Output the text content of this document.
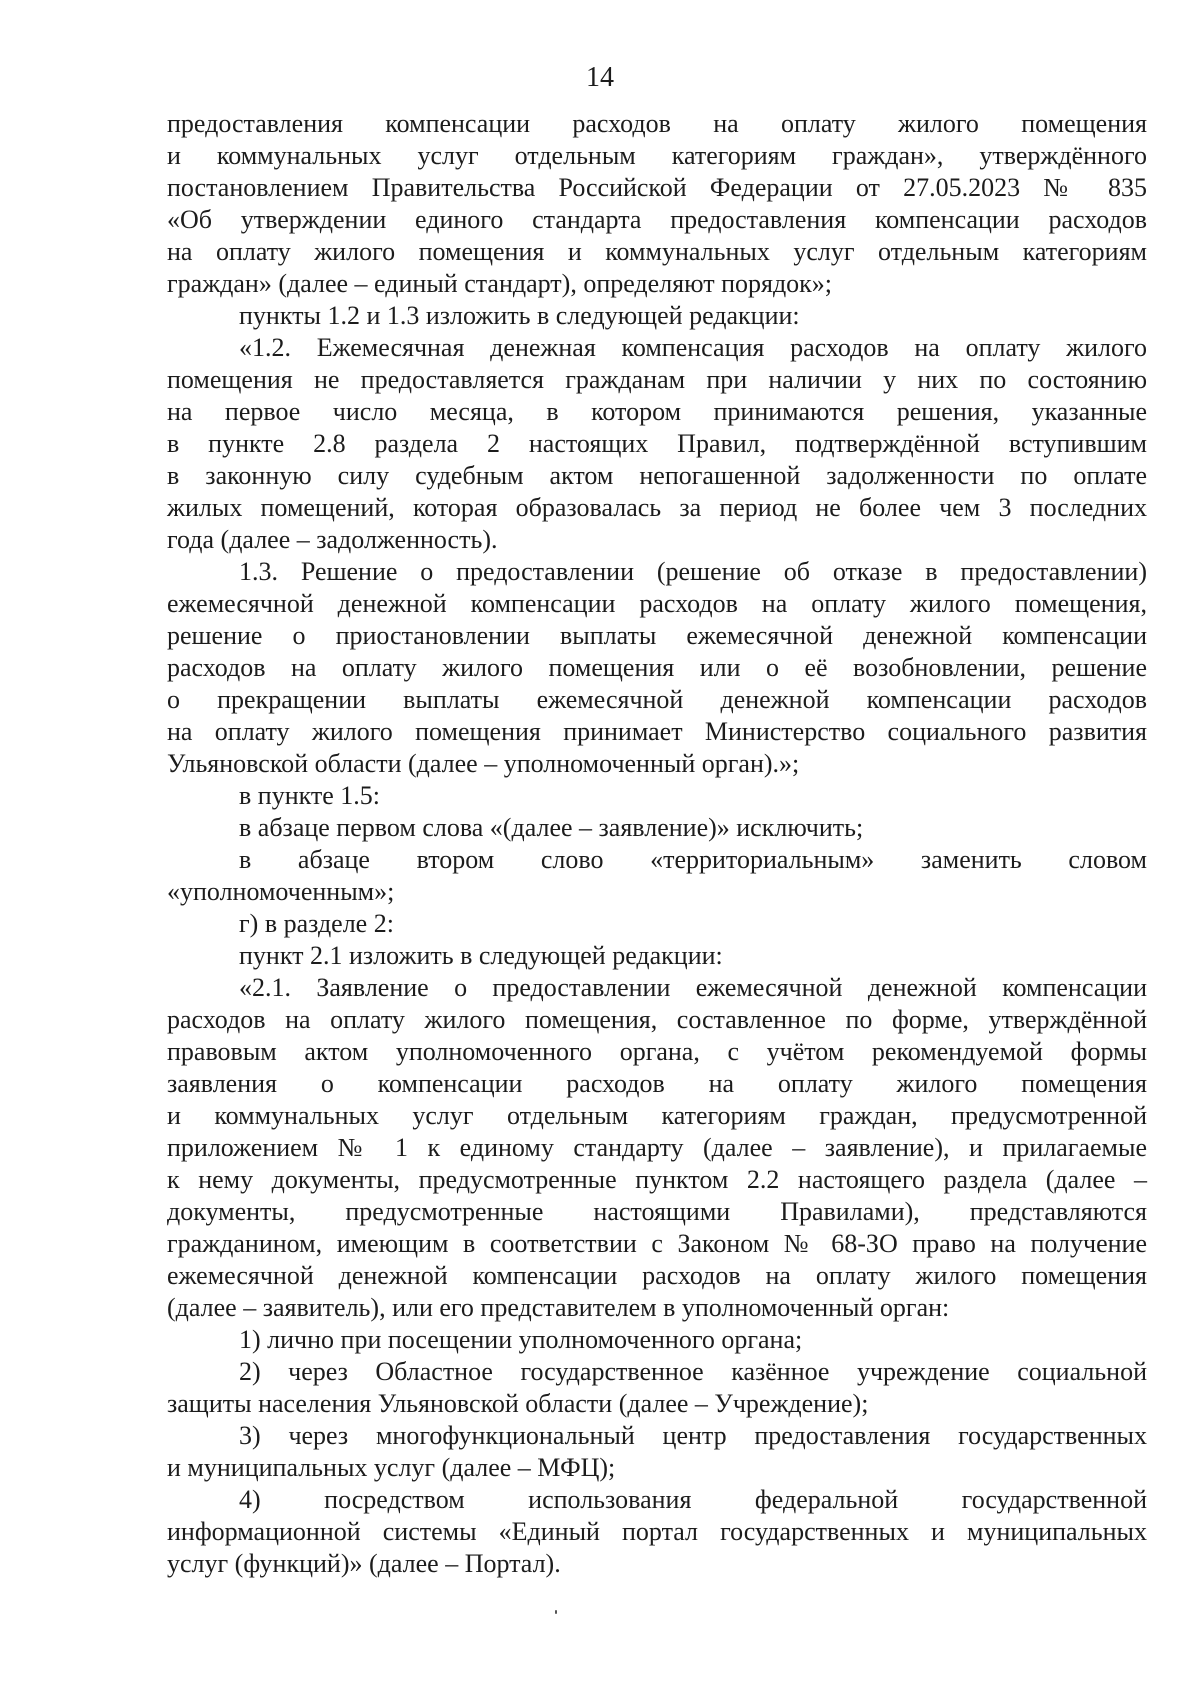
14
предоставления компенсации расходов на оплату жилого помещения
и коммунальных услуг отдельным категориям граждан», утверждённого
постановлением Правительства Российской Федерации от 27.05.2023 № 835
«Об утверждении единого стандарта предоставления компенсации расходов
на оплату жилого помещения и коммунальных услуг отдельным категориям
граждан» (далее – единый стандарт), определяют порядок»;
пункты 1.2 и 1.3 изложить в следующей редакции:
«1.2. Ежемесячная денежная компенсация расходов на оплату жилого
помещения не предоставляется гражданам при наличии у них по состоянию
на первое число месяца, в котором принимаются решения, указанные
в пункте 2.8 раздела 2 настоящих Правил, подтверждённой вступившим
в законную силу судебным актом непогашенной задолженности по оплате
жилых помещений, которая образовалась за период не более чем 3 последних
года (далее – задолженность).
1.3. Решение о предоставлении (решение об отказе в предоставлении)
ежемесячной денежной компенсации расходов на оплату жилого помещения,
решение о приостановлении выплаты ежемесячной денежной компенсации
расходов на оплату жилого помещения или о её возобновлении, решение
о прекращении выплаты ежемесячной денежной компенсации расходов
на оплату жилого помещения принимает Министерство социального развития
Ульяновской области (далее – уполномоченный орган).»;
в пункте 1.5:
в абзаце первом слова «(далее – заявление)» исключить;
в абзаце втором слово «территориальным» заменить словом
«уполномоченным»;
г) в разделе 2:
пункт 2.1 изложить в следующей редакции:
«2.1. Заявление о предоставлении ежемесячной денежной компенсации
расходов на оплату жилого помещения, составленное по форме, утверждённой
правовым актом уполномоченного органа, с учётом рекомендуемой формы
заявления о компенсации расходов на оплату жилого помещения
и коммунальных услуг отдельным категориям граждан, предусмотренной
приложением № 1 к единому стандарту (далее – заявление), и прилагаемые
к нему документы, предусмотренные пунктом 2.2 настоящего раздела (далее –
документы, предусмотренные настоящими Правилами), представляются
гражданином, имеющим в соответствии с Законом № 68-ЗО право на получение
ежемесячной денежной компенсации расходов на оплату жилого помещения
(далее – заявитель), или его представителем в уполномоченный орган:
1) лично при посещении уполномоченного органа;
2) через Областное государственное казённое учреждение социальной
защиты населения Ульяновской области (далее – Учреждение);
3) через многофункциональный центр предоставления государственных
и муниципальных услуг (далее – МФЦ);
4) посредством использования федеральной государственной
информационной системы «Единый портал государственных и муниципальных
услуг (функций)» (далее – Портал).
